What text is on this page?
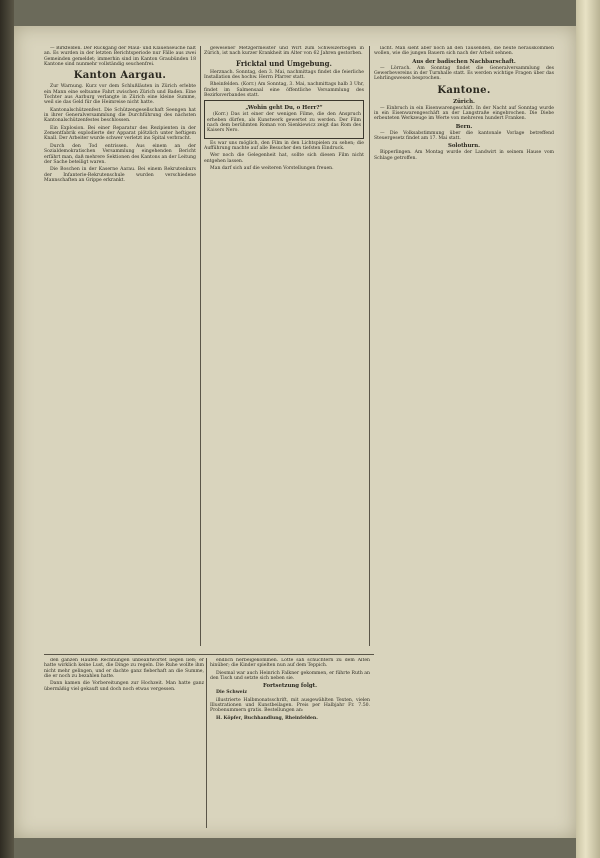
— Birkfelden. Der Rückgang der Maul- und Klauenseuche hält an. Es wurden in der letzten Berichtsperiode nur Fälle aus zwei Gemeinden gemeldet; immerhin sind im Kanton Graubünden 18 Kantone sind nunmehr vollständig seuchenfrei.

Kanton Aargau.

Zur Warnung. Kurz vor dem Schlußläuten in Zürich erlebte ein Mann eine seltsame Fahrt zwischen Zürich und Baden. Eine Tochter aus Aarburg verlangte in Zürich eine kleine Summe, weil sie das Geld für die Heimreise nicht hatte.

Kantonalschützenfest. Die Schützengesellschaft Seengen hat in ihrer Generalversammlung die Durchführung des nächsten Kantonalschützenfestes beschlossen.

Ein Explosion. Bei einer Reparatur des Rezipienten in der Zementfabrik explodierte der Apparat plötzlich unter heftigem Knall. Der Arbeiter wurde schwer verletzt ins Spital verbracht.

Durch den Tod entrissen. Aus einem an der Sozialdemokratischen Versammlung eingehenden Bericht erfährt man, daß mehrere Sektionen des Kantons an der Leitung der Sache beteiligt waren.

Die Boschen in der Kaserne Aarau. Bei einem Rekrutenkurs der Infanterie-Rekrutenschule wurden verschiedene Mannschaften an Grippe erkrankt.

gewesener Metzgermeister und Wirt zum Schweizerbogen in Zürich, ist nach kurzer Krankheit im Alter von 62 Jahren gestorben.

Fricktal und Umgebung.

Herznach. Sonntag, den 3. Mai, nachmittags findet die feierliche Installation des hochw. Herrn Pfarrer statt.

Rheinfelden. (Korr.) Am Sonntag, 3. Mai, nachmittags halb 3 Uhr, findet im Salmensaal eine öffentliche Versammlung des Bezirksverbandes statt.

„Wohin geht Du, o Herr?“

(Korr.) Das ist einer der wenigen Filme, die den Anspruch erheben dürfen, als Kunstwerk gewertet zu werden. Der Film nach dem berühmten Roman von Sienkiewicz zeigt das Rom des Kaisers Nero.

Es war uns möglich, den Film in den Lichtspielen zu sehen; die Aufführung machte auf alle Besucher den tiefsten Eindruck.

Wer noch die Gelegenheit hat, sollte sich diesen Film nicht entgehen lassen.

Man darf sich auf die weiteren Vorstellungen freuen.

lacht. Man sieht aber noch all den Tausenden, die heute herauskommen wollen, wie die jungen Bauern sich nach der Arbeit sehnen.

Aus der badischen Nachbarschaft.

— Lörrach. Am Sonntag findet die Generalversammlung des Gewerbevereins in der Turnhalle statt. Es werden wichtige Fragen über das Lehrlingswesen besprochen.

Kantone.
Zürich.

— Einbruch in ein Eisenwarengeschäft. In der Nacht auf Sonntag wurde in ein Eisenwarengeschäft an der Langstraße eingebrochen. Die Diebe erbeuteten Werkzeuge im Werte von mehreren hundert Franken.

Bern.

— Die Volksabstimmung über die kantonale Vorlage betreffend Steuergesetz findet am 17. Mai statt.

Solothurn.

Bipperlingen. Am Montag wurde der Landwirt in seinem Hause vom Schlage getroffen.

den ganzen Haufen Rechnungen unbeantwortet liegen ließ; er hatte wirklich keine Lust, die Dinge zu regeln. Die Ruhe wollte ihm nicht mehr gelingen, und er dachte ganz fieberhaft an die Summe, die er noch zu bezahlen hatte.

Dann kamen die Vorbereitungen zur Hochzeit. Man hatte ganz übermäßig viel gekauft und doch noch etwas vergessen.

endlich herbeigekommen. Lotte sah schüchtern zu dem Alten hinüber; die Kinder spielten nun auf dem Teppich.

Diesmal war auch Heinrich Falkner gekommen, er führte Ruth an den Tisch und setzte sich neben sie.

Fortsetzung folgt.

Die Schweiz

illustrierte Halbmonatsschrift, mit ausgewählten Texten, vielen Illustrationen und Kunstbeilagen. Preis per Halbjahr Fr. 7.50. Probenummern gratis. Bestellungen an:

H. Köpfer, Buchhandlung, Rheinfelden.
